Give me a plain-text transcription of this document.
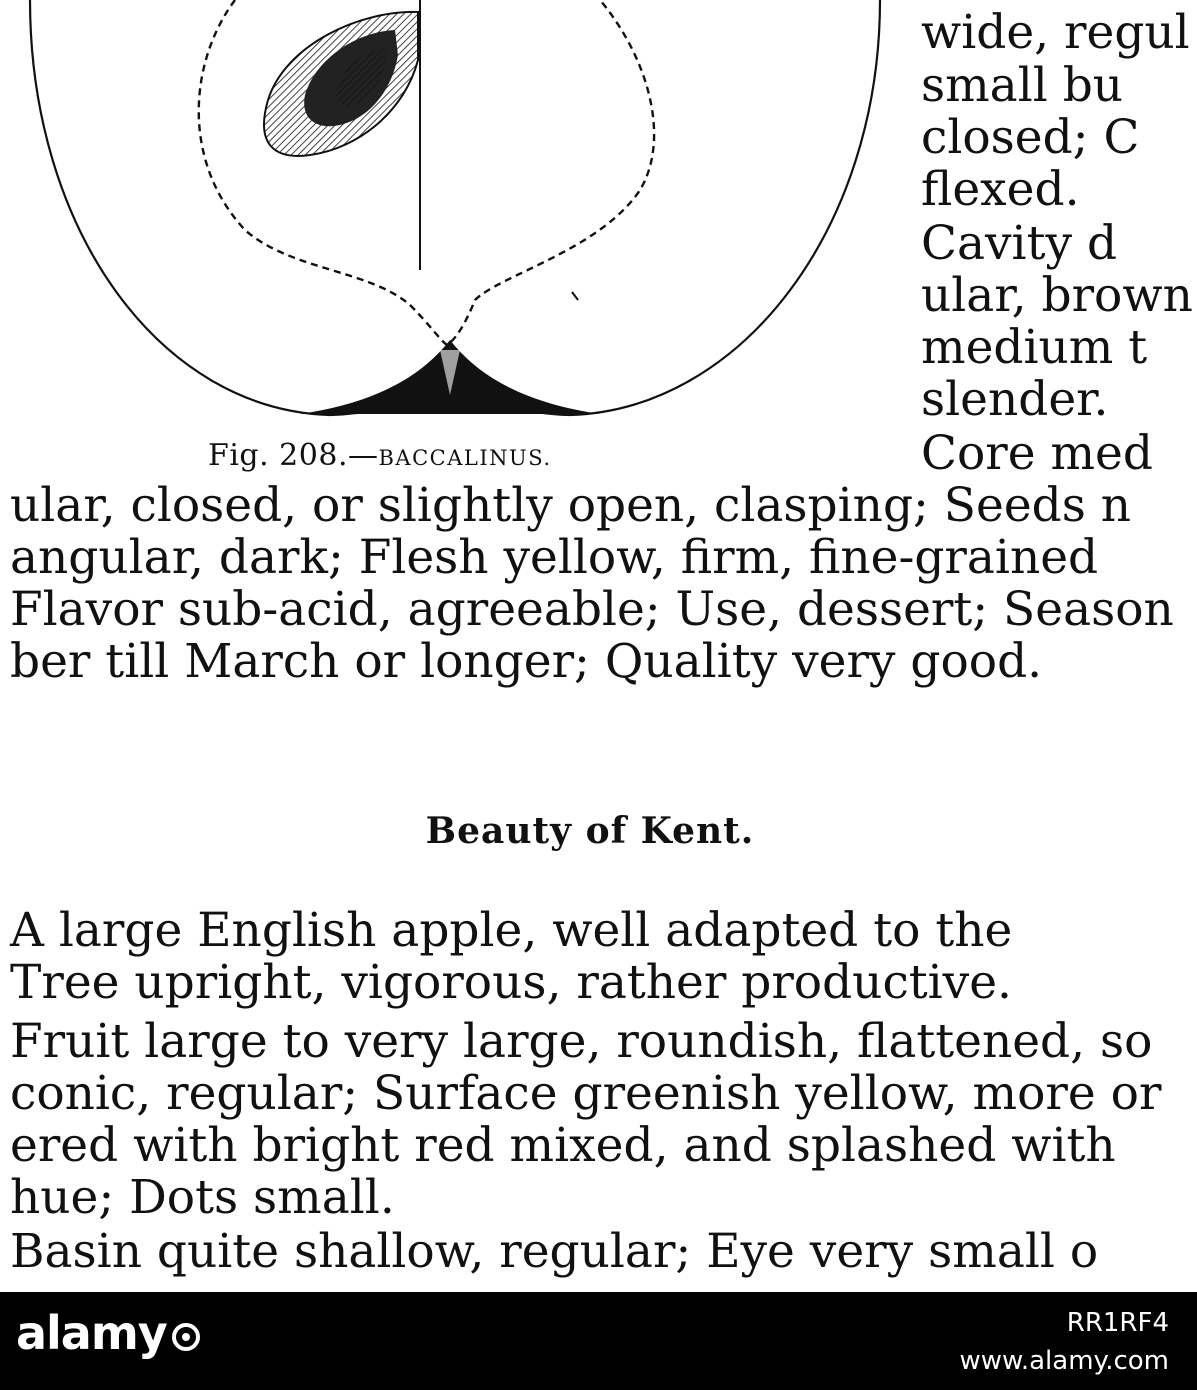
Fig. 208.—BACCALINUS.
wide, regul
small bu
closed; C
flexed.
Cavity d
ular, brown
medium t
slender.
Core med
ular, closed, or slightly open, clasping; Seeds n
angular, dark; Flesh yellow, firm, fine-grained
Flavor sub-acid, agreeable; Use, dessert; Season
ber till March or longer; Quality very good.
Beauty of Kent.
A large English apple, well adapted to the
Tree upright, vigorous, rather productive.
Fruit large to very large, roundish, flattened, so
conic, regular; Surface greenish yellow, more or
ered with bright red mixed, and splashed with
hue; Dots small.
Basin quite shallow, regular; Eye very small o
alamy	RR1RF4
www.alamy.com
